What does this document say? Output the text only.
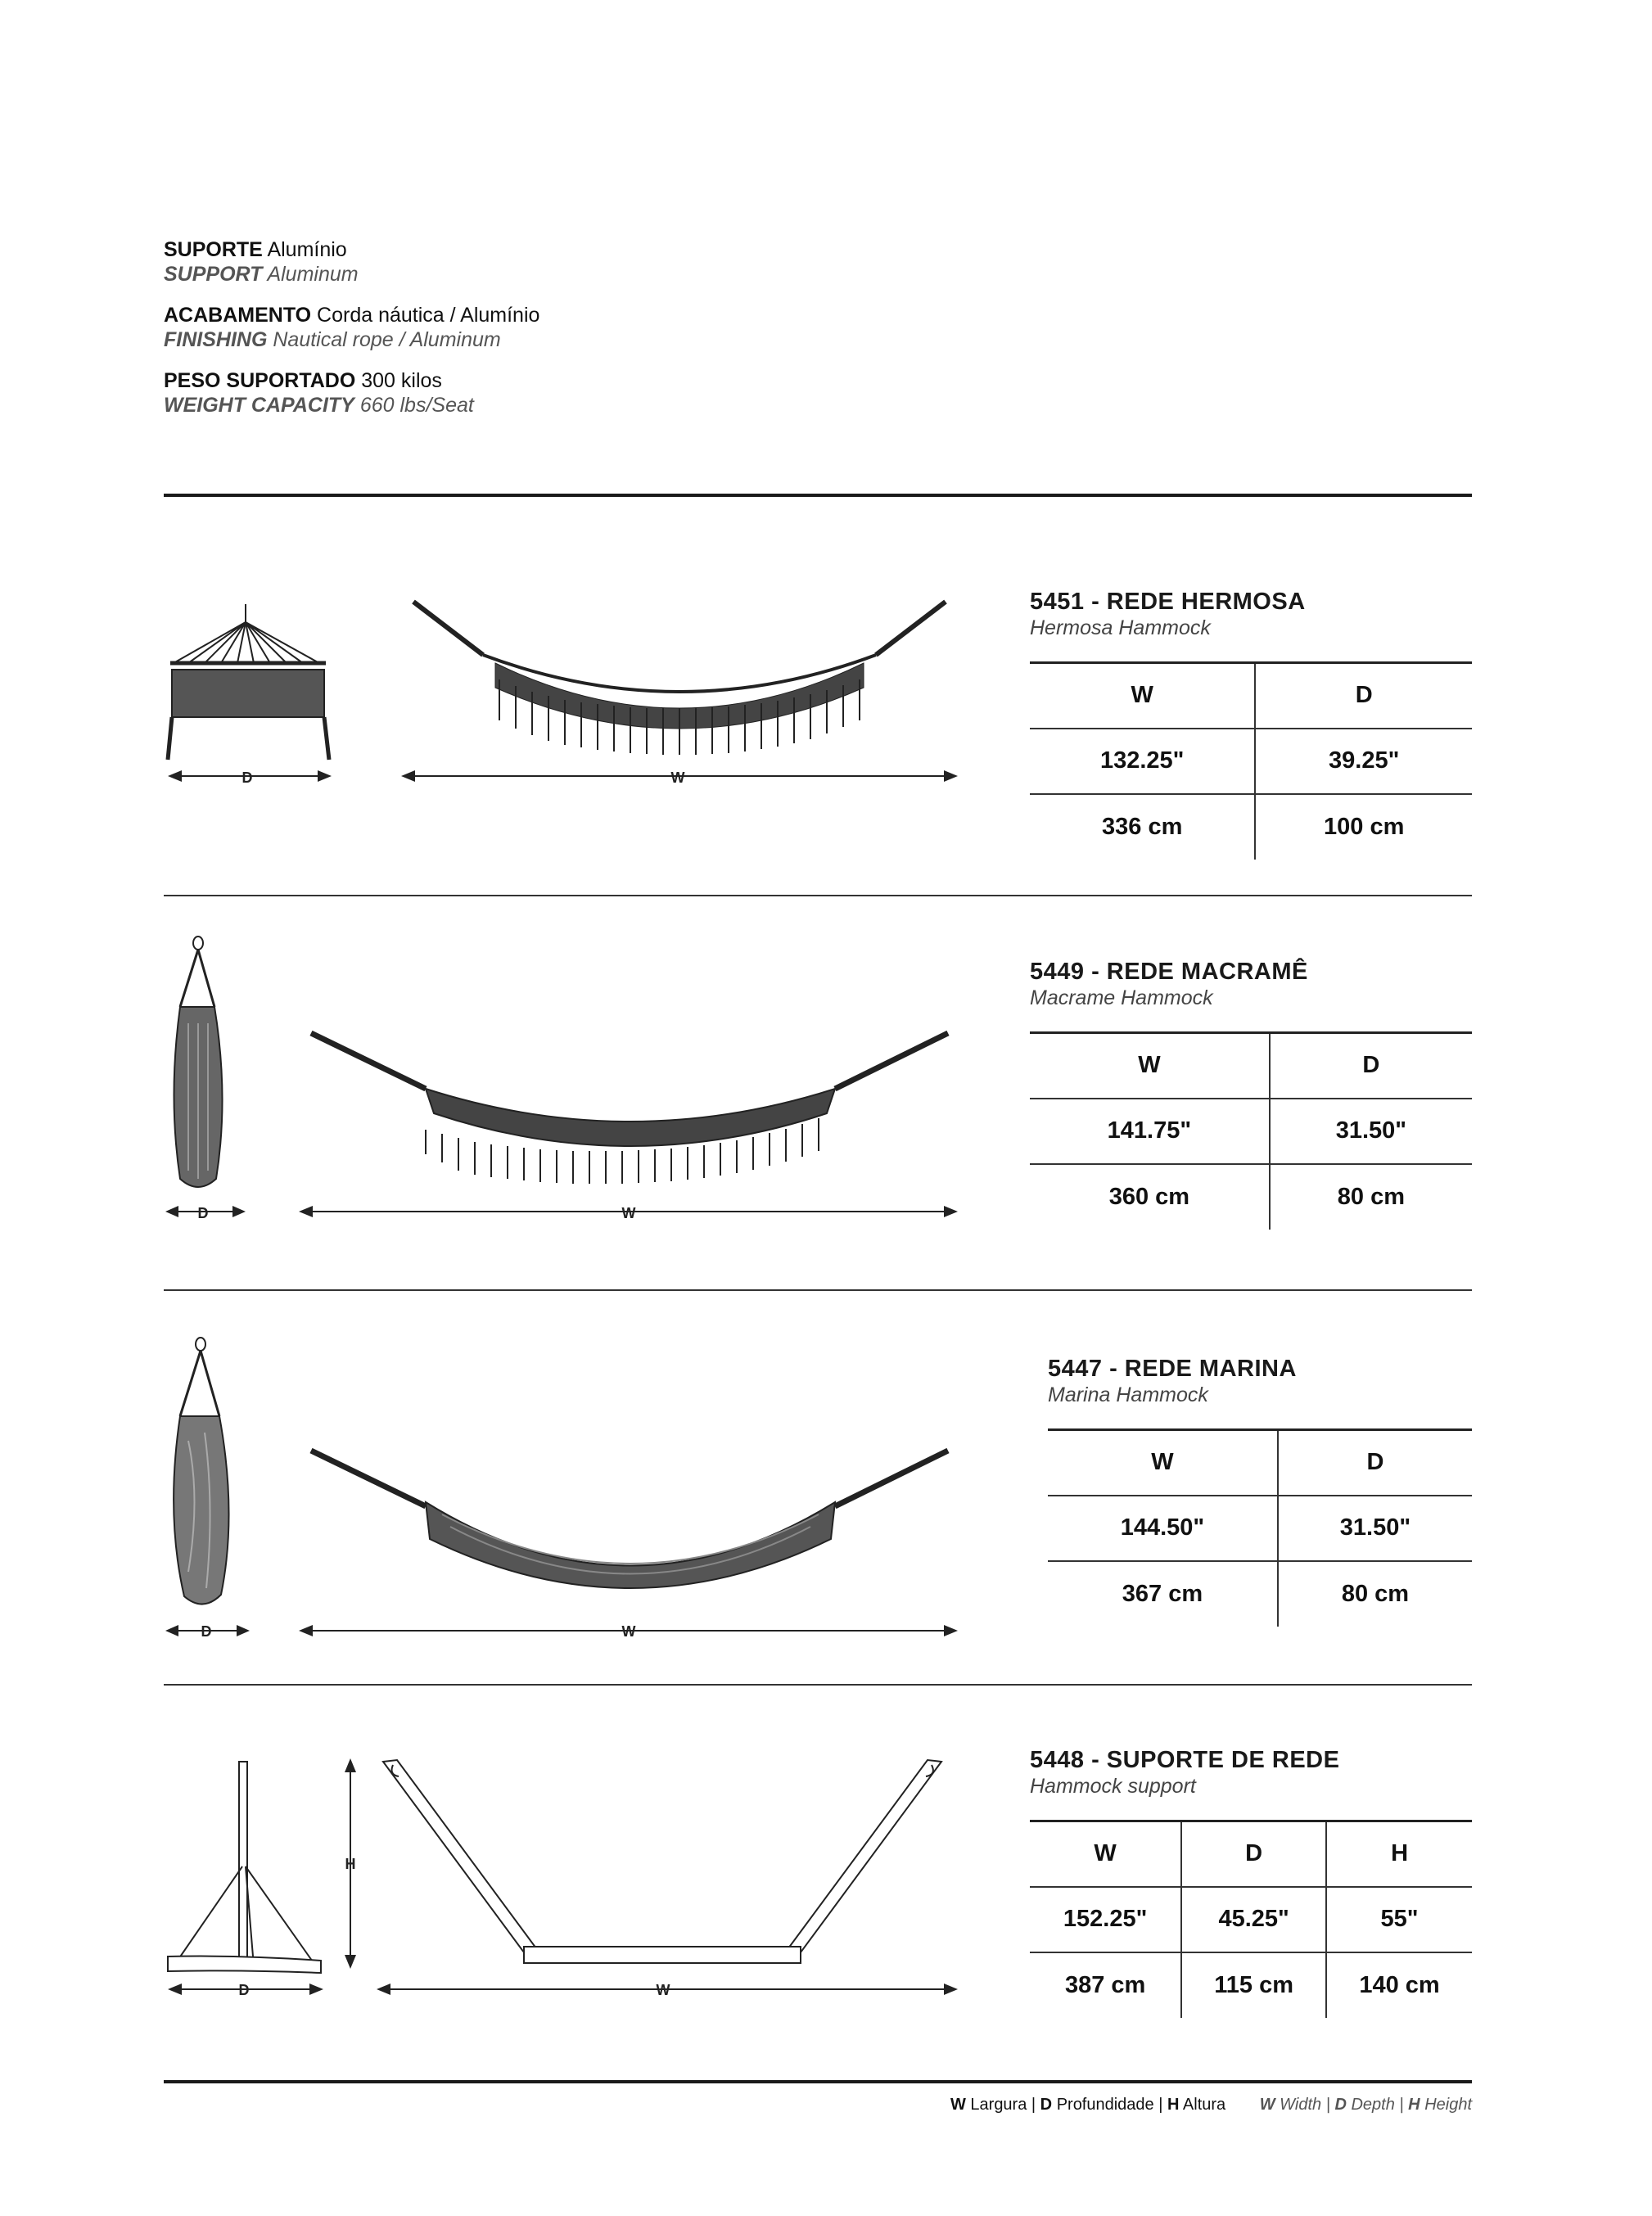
SUPORTE Alumínio
SUPPORT Aluminum
ACABAMENTO Corda náutica / Alumínio
FINISHING Nautical rope / Aluminum
PESO SUPORTADO 300 kilos
WEIGHT CAPACITY 660 lbs/Seat
D	W
5451 - REDE HERMOSA
Hermosa Hammock
W	D
132.25"	39.25"
336 cm	100 cm
D	W
5449 - REDE MACRAMÊ
Macrame Hammock
W	D
141.75"	31.50"
360 cm	80 cm
D	W
5447 - REDE MARINA
Marina Hammock
W	D
144.50"	31.50"
367 cm	80 cm
D
H
W
5448 - SUPORTE DE REDE
Hammock support
W	D	H
152.25"	45.25"	55"
387 cm	115 cm	140 cm
W Largura | D Profundidade | H Altura W Width | D Depth | H Height
